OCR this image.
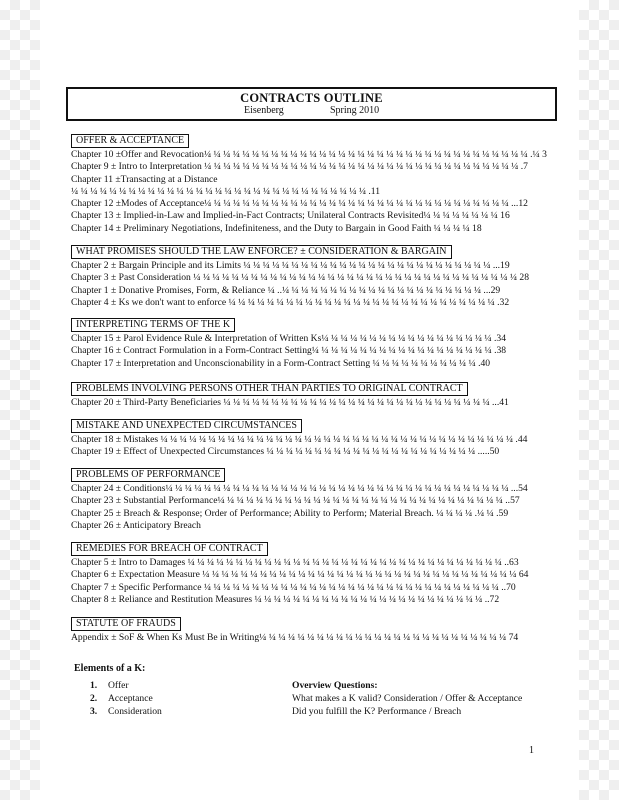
CONTRACTS OUTLINE
Eisenberg	Spring 2010
OFFER & ACCEPTANCE
Chapter 10 ±Offer and Revocation¼ ¼ ¼ ¼ ¼ ¼ ¼ ¼ ¼ ¼ ¼ ¼ ¼ ¼ ¼ ¼ ¼ ¼ ¼ ¼ ¼ ¼ ¼ ¼ ¼ ¼ ¼ ¼ ¼ ¼ ¼ ¼ ¼ ¼ .¼ 3
Chapter 9 ± Intro to Interpretation ¼ ¼ ¼ ¼ ¼ ¼ ¼ ¼ ¼ ¼ ¼ ¼ ¼ ¼ ¼ ¼ ¼ ¼ ¼ ¼ ¼ ¼ ¼ ¼ ¼ ¼ ¼ ¼ ¼ ¼ ¼ ¼ ¼ .7
Chapter 11 ±Transacting at a Distance
¼ ¼ ¼ ¼ ¼ ¼ ¼ ¼ ¼ ¼ ¼ ¼ ¼ ¼ ¼ ¼ ¼ ¼ ¼ ¼ ¼ ¼ ¼ ¼ ¼ ¼ ¼ ¼ ¼ ¼ ¼ .11
Chapter 12 ±Modes of Acceptance¼ ¼ ¼ ¼ ¼ ¼ ¼ ¼ ¼ ¼ ¼ ¼ ¼ ¼ ¼ ¼ ¼ ¼ ¼ ¼ ¼ ¼ ¼ ¼ ¼ ¼ ¼ ¼ ¼ ¼ ¼ ¼ ...12
Chapter 13 ± Implied-in-Law and Implied-in-Fact Contracts; Unilateral Contracts Revisited¼ ¼ ¼ ¼ ¼ ¼ ¼ ¼ 16
Chapter 14 ± Preliminary Negotiations, Indefiniteness, and the Duty to Bargain in Good Faith ¼ ¼ ¼ ¼ 18
WHAT PROMISES SHOULD THE LAW ENFORCE? ± CONSIDERATION & BARGAIN
Chapter 2 ± Bargain Principle and its Limits ¼ ¼ ¼ ¼ ¼ ¼ ¼ ¼ ¼ ¼ ¼ ¼ ¼ ¼ ¼ ¼ ¼ ¼ ¼ ¼ ¼ ¼ ¼ ¼ ¼ ¼ ...19
Chapter 3 ± Past Consideration ¼ ¼ ¼ ¼ ¼ ¼ ¼ ¼ ¼ ¼ ¼ ¼ ¼ ¼ ¼ ¼ ¼ ¼ ¼ ¼ ¼ ¼ ¼ ¼ ¼ ¼ ¼ ¼ ¼ ¼ ¼ ¼ ¼ ¼ 28
Chapter 1 ± Donative Promises, Form, & Reliance ¼ ..¼ ¼ ¼ ¼ ¼ ¼ ¼ ¼ ¼ ¼ ¼ ¼ ¼ ¼ ¼ ¼ ¼ ¼ ¼ ¼ ¼ ...29
Chapter 4 ± Ks we don't want to enforce ¼ ¼ ¼ ¼ ¼ ¼ ¼ ¼ ¼ ¼ ¼ ¼ ¼ ¼ ¼ ¼ ¼ ¼ ¼ ¼ ¼ ¼ ¼ ¼ ¼ ¼ ¼ ¼ .32
INTERPRETING TERMS OF THE K
Chapter 15 ± Parol Evidence Rule & Interpretation of Written Ks¼ ¼ ¼ ¼ ¼ ¼ ¼ ¼ ¼ ¼ ¼ ¼ ¼ ¼ ¼ ¼ ¼ ¼ .34
Chapter 16 ± Contract Formulation in a Form-Contract Setting¼ ¼ ¼ ¼ ¼ ¼ ¼ ¼ ¼ ¼ ¼ ¼ ¼ ¼ ¼ ¼ ¼ ¼ ¼ .38
Chapter 17 ± Interpretation and Unconscionability in a Form-Contract Setting ¼ ¼ ¼ ¼ ¼ ¼ ¼ ¼ ¼ ¼ ¼ .40
PROBLEMS INVOLVING PERSONS OTHER THAN PARTIES TO ORIGINAL CONTRACT
Chapter 20 ± Third-Party Beneficiaries ¼ ¼ ¼ ¼ ¼ ¼ ¼ ¼ ¼ ¼ ¼ ¼ ¼ ¼ ¼ ¼ ¼ ¼ ¼ ¼ ¼ ¼ ¼ ¼ ¼ ¼ ¼ ¼ ...41
MISTAKE AND UNEXPECTED CIRCUMSTANCES
Chapter 18 ± Mistakes ¼ ¼ ¼ ¼ ¼ ¼ ¼ ¼ ¼ ¼ ¼ ¼ ¼ ¼ ¼ ¼ ¼ ¼ ¼ ¼ ¼ ¼ ¼ ¼ ¼ ¼ ¼ ¼ ¼ ¼ ¼ ¼ ¼ ¼ ¼ ¼ ¼ .44
Chapter 19 ± Effect of Unexpected Circumstances ¼ ¼ ¼ ¼ ¼ ¼ ¼ ¼ ¼ ¼ ¼ ¼ ¼ ¼ ¼ ¼ ¼ ¼ ¼ ¼ ¼ ¼ .....50
PROBLEMS OF PERFORMANCE
Chapter 24 ± Conditions¼ ¼ ¼ ¼ ¼ ¼ ¼ ¼ ¼ ¼ ¼ ¼ ¼ ¼ ¼ ¼ ¼ ¼ ¼ ¼ ¼ ¼ ¼ ¼ ¼ ¼ ¼ ¼ ¼ ¼ ¼ ¼ ¼ ¼ ¼ ¼ ...54
Chapter 23 ± Substantial Performance¼ ¼ ¼ ¼ ¼ ¼ ¼ ¼ ¼ ¼ ¼ ¼ ¼ ¼ ¼ ¼ ¼ ¼ ¼ ¼ ¼ ¼ ¼ ¼ ¼ ¼ ¼ ¼ ¼ ¼ ..57
Chapter 25 ± Breach & Response; Order of Performance; Ability to Perform; Material Breach. ¼ ¼ ¼ ¼ .¼ ¼ .59
Chapter 26 ± Anticipatory Breach
REMEDIES FOR BREACH OF CONTRACT
Chapter 5 ± Intro to Damages ¼ ¼ ¼ ¼ ¼ ¼ ¼ ¼ ¼ ¼ ¼ ¼ ¼ ¼ ¼ ¼ ¼ ¼ ¼ ¼ ¼ ¼ ¼ ¼ ¼ ¼ ¼ ¼ ¼ ¼ ¼ ¼ ¼ ..63
Chapter 6 ± Expectation Measure ¼ ¼ ¼ ¼ ¼ ¼ ¼ ¼ ¼ ¼ ¼ ¼ ¼ ¼ ¼ ¼ ¼ ¼ ¼ ¼ ¼ ¼ ¼ ¼ ¼ ¼ ¼ ¼ ¼ ¼ ¼ ¼ ¼ 64
Chapter 7 ± Specific Performance ¼ ¼ ¼ ¼ ¼ ¼ ¼ ¼ ¼ ¼ ¼ ¼ ¼ ¼ ¼ ¼ ¼ ¼ ¼ ¼ ¼ ¼ ¼ ¼ ¼ ¼ ¼ ¼ ¼ ¼ ¼ ..70
Chapter 8 ± Reliance and Restitution Measures ¼ ¼ ¼ ¼ ¼ ¼ ¼ ¼ ¼ ¼ ¼ ¼ ¼ ¼ ¼ ¼ ¼ ¼ ¼ ¼ ¼ ¼ ¼ ¼ ..72
STATUTE OF FRAUDS
Appendix ± SoF & When Ks Must Be in Writing¼ ¼ ¼ ¼ ¼ ¼ ¼ ¼ ¼ ¼ ¼ ¼ ¼ ¼ ¼ ¼ ¼ ¼ ¼ ¼ ¼ ¼ ¼ ¼ ¼ ¼ 74
Elements of a K:
1. Offer
2. Acceptance
3. Consideration
Overview Questions:
What makes a K valid? Consideration / Offer & Acceptance
Did you fulfill the K? Performance / Breach
1
